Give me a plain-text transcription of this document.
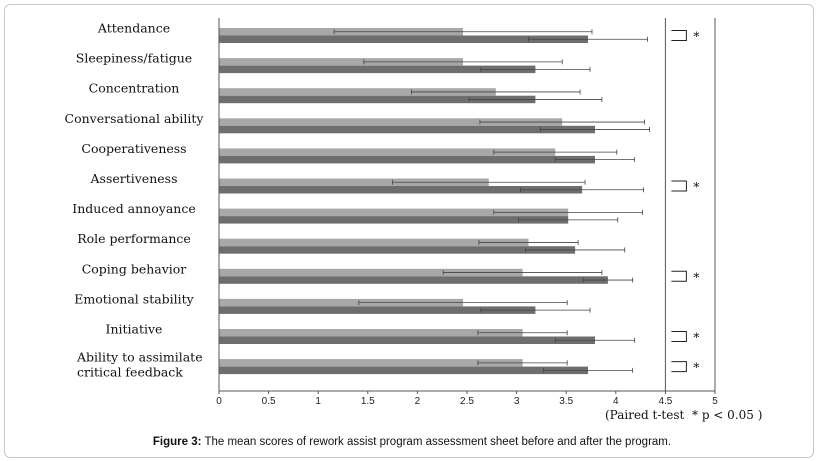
Attendance
Sleepiness/fatigue
Concentration
Conversational ability
Cooperativeness
Assertiveness
Induced annoyance
Role performance
Coping behavior
Emotional stability
Initiative
Ability to assimilate critical feedback
0	0.5	1	1.5	2	2.5	3	3.5	4	4.5	5
*
*
*
*
*
(Paired t-test * p < 0.05 )
Figure 3: The mean scores of rework assist program assessment sheet before and after the program.
